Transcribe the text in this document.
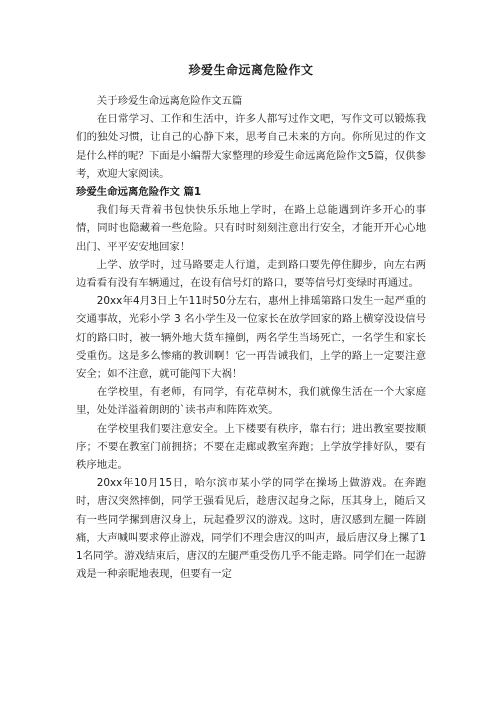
珍爱生命远离危险作文

关于珍爱生命远离危险作文五篇

在日常学习、工作和生活中，许多人都写过作文吧，写作文可以锻炼我们的独处习惯，让自己的心静下来，思考自己未来的方向。你所见过的作文是什么样的呢？下面是小编帮大家整理的珍爱生命远离危险作文5篇，仅供参考，欢迎大家阅读。

珍爱生命远离危险作文 篇1

我们每天背着书包快快乐乐地上学时，在路上总能遇到许多开心的事情，同时也隐藏着一些危险。只有时时刻刻注意出行安全，才能开开心心地出门、平平安安地回家！

上学、放学时，过马路要走人行道，走到路口要先停住脚步，向左右两边看看有没有车辆通过，在设有信号灯的路口，要等信号灯变绿时再通过。

20xx年4月3日上午11时50分左右，惠州上排瑶第路口发生一起严重的交通事故，光彩小学 3 名小学生及一位家长在放学回家的路上横穿没设信号灯的路口时，被一辆外地大货车撞倒，两名学生当场死亡，一名学生和家长受重伤。这是多么惨痛的教训啊！它一再告诫我们，上学的路上一定要注意安全；如不注意，就可能闯下大祸！

在学校里，有老师，有同学，有花草树木，我们就像生活在一个大家庭里，处处洋溢着朗朗的`读书声和阵阵欢笑。

在学校里我们要注意安全。上下楼要有秩序，靠右行；进出教室要按顺序；不要在教室门前拥挤；不要在走廊或教室奔跑；上学放学排好队，要有秩序地走。

20xx年10月15日，哈尔滨市某小学的同学在操场上做游戏。在奔跑时，唐汉突然摔倒，同学王强看见后，趁唐汉起身之际，压其身上，随后又有一些同学摞到唐汉身上，玩起叠罗汉的游戏。这时，唐汉感到左腿一阵剧痛，大声喊叫要求停止游戏，同学们不理会唐汉的叫声，最后唐汉身上摞了11名同学。游戏结束后，唐汉的左腿严重受伤几乎不能走路。同学们在一起游戏是一种亲昵地表现，但要有一定
